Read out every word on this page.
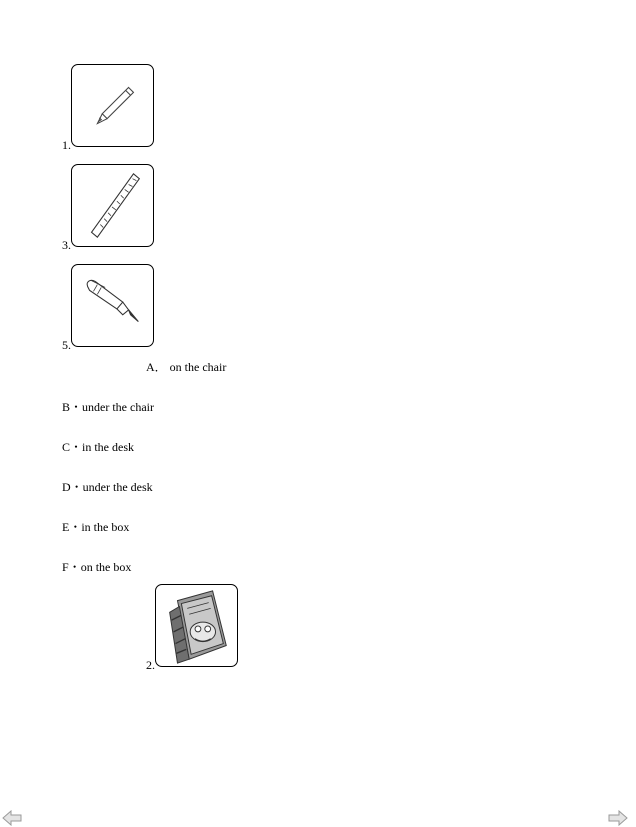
1.
3.
5.
A． on the chair
B・under the chair
C・in the desk
D・under the desk
E・in the box
F・on the box
2.
